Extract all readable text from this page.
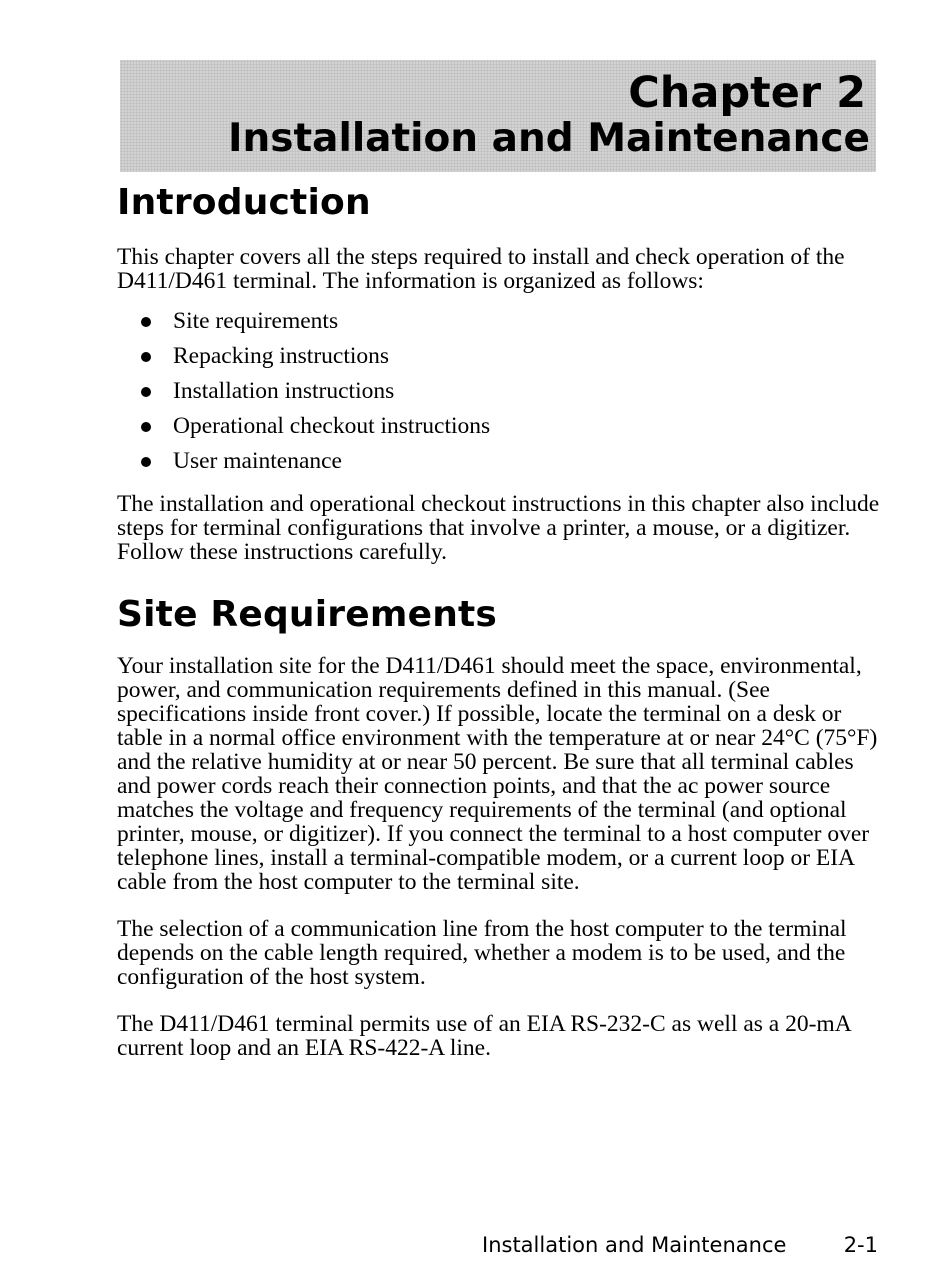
Chapter 2
Installation and Maintenance
Introduction

This chapter covers all the steps required to install and check operation of the D411/D461 terminal. The information is organized as follows:

Site requirements
Repacking instructions
Installation instructions
Operational checkout instructions
User maintenance

The installation and operational checkout instructions in this chapter also include steps for terminal configurations that involve a printer, a mouse, or a digitizer. Follow these instructions carefully.

Site Requirements

Your installation site for the D411/D461 should meet the space, environmental, power, and communication requirements defined in this manual. (See specifications inside front cover.) If possible, locate the terminal on a desk or table in a normal office environment with the temperature at or near 24°C (75°F) and the relative humidity at or near 50 percent. Be sure that all terminal cables and power cords reach their connection points, and that the ac power source matches the voltage and frequency requirements of the terminal (and optional printer, mouse, or digitizer). If you connect the terminal to a host computer over telephone lines, install a terminal-compatible modem, or a current loop or EIA cable from the host computer to the terminal site.

The selection of a communication line from the host computer to the terminal depends on the cable length required, whether a modem is to be used, and the configuration of the host system.

The D411/D461 terminal permits use of an EIA RS-232-C as well as a 20-mA current loop and an EIA RS-422-A line.

Installation and Maintenance	2-1
